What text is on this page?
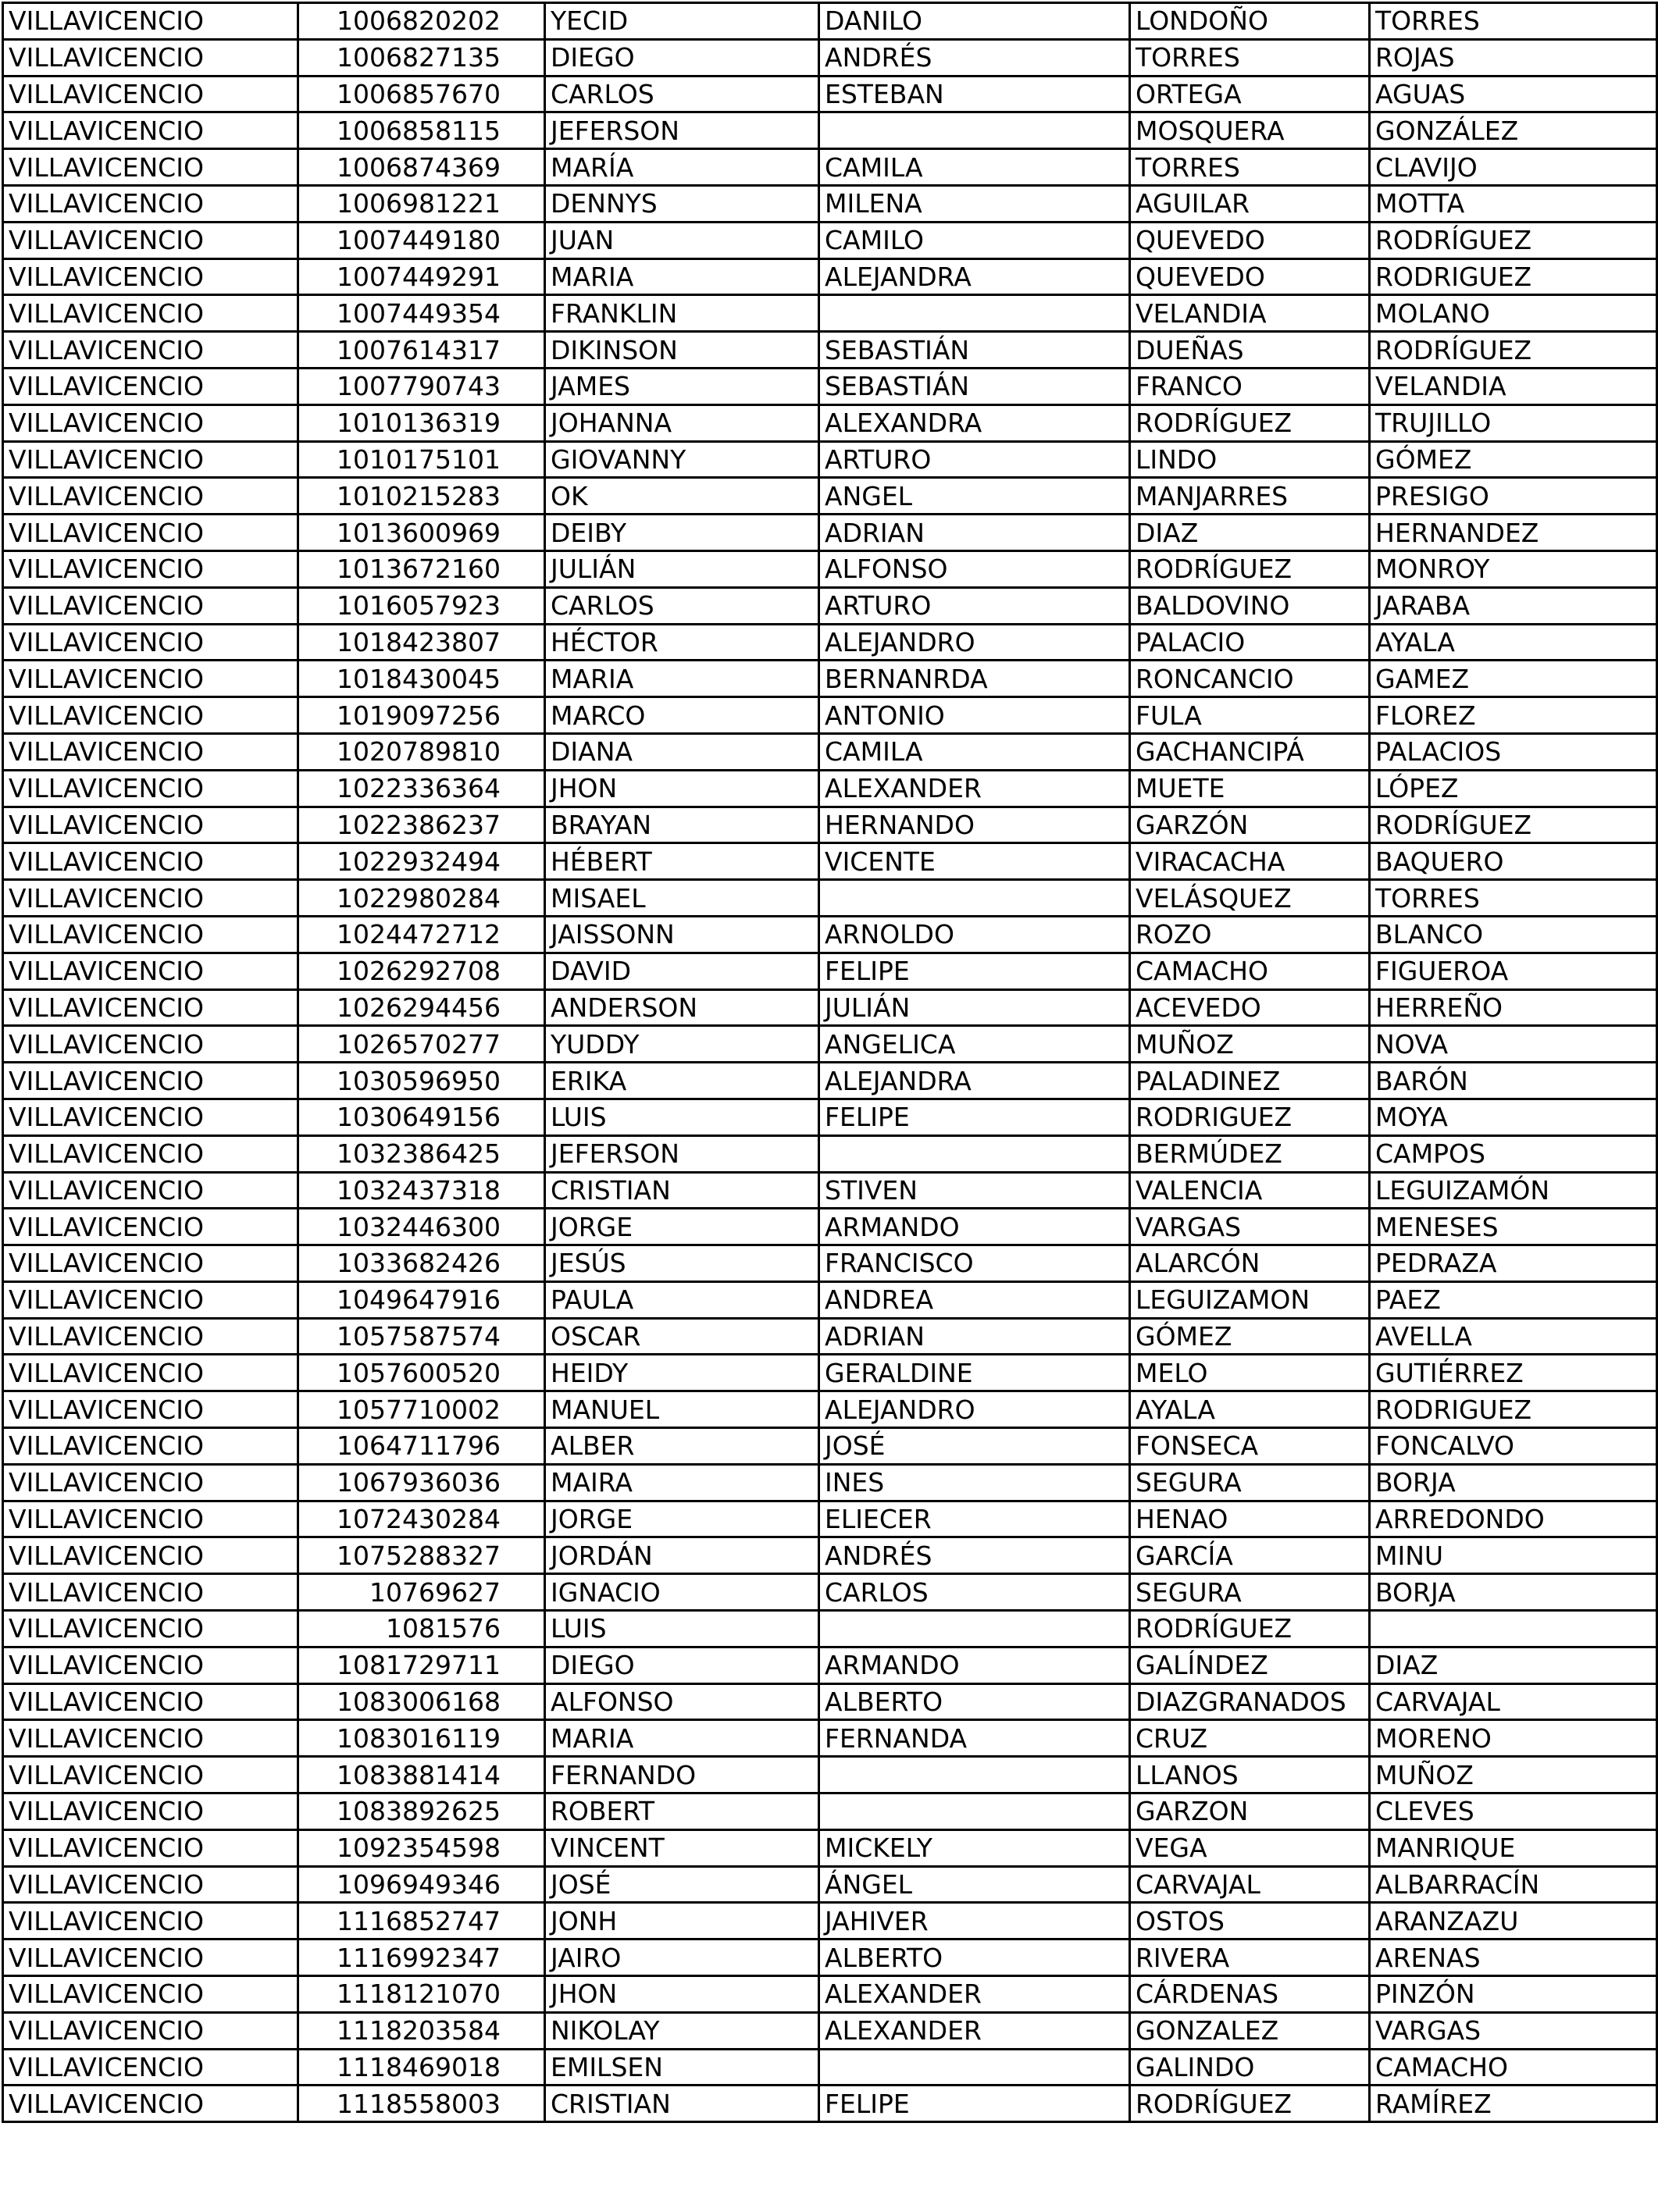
VILLAVICENCIO	1006820202	YECID	DANILO	LONDOÑO	TORRES
VILLAVICENCIO	1006827135	DIEGO	ANDRÉS	TORRES	ROJAS
VILLAVICENCIO	1006857670	CARLOS	ESTEBAN	ORTEGA	AGUAS
VILLAVICENCIO	1006858115	JEFERSON		MOSQUERA	GONZÁLEZ
VILLAVICENCIO	1006874369	MARÍA	CAMILA	TORRES	CLAVIJO
VILLAVICENCIO	1006981221	DENNYS	MILENA	AGUILAR	MOTTA
VILLAVICENCIO	1007449180	JUAN	CAMILO	QUEVEDO	RODRÍGUEZ
VILLAVICENCIO	1007449291	MARIA	ALEJANDRA	QUEVEDO	RODRIGUEZ
VILLAVICENCIO	1007449354	FRANKLIN		VELANDIA	MOLANO
VILLAVICENCIO	1007614317	DIKINSON	SEBASTIÁN	DUEÑAS	RODRÍGUEZ
VILLAVICENCIO	1007790743	JAMES	SEBASTIÁN	FRANCO	VELANDIA
VILLAVICENCIO	1010136319	JOHANNA	ALEXANDRA	RODRÍGUEZ	TRUJILLO
VILLAVICENCIO	1010175101	GIOVANNY	ARTURO	LINDO	GÓMEZ
VILLAVICENCIO	1010215283	OK	ANGEL	MANJARRES	PRESIGO
VILLAVICENCIO	1013600969	DEIBY	ADRIAN	DIAZ	HERNANDEZ
VILLAVICENCIO	1013672160	JULIÁN	ALFONSO	RODRÍGUEZ	MONROY
VILLAVICENCIO	1016057923	CARLOS	ARTURO	BALDOVINO	JARABA
VILLAVICENCIO	1018423807	HÉCTOR	ALEJANDRO	PALACIO	AYALA
VILLAVICENCIO	1018430045	MARIA	BERNANRDA	RONCANCIO	GAMEZ
VILLAVICENCIO	1019097256	MARCO	ANTONIO	FULA	FLOREZ
VILLAVICENCIO	1020789810	DIANA	CAMILA	GACHANCIPÁ	PALACIOS
VILLAVICENCIO	1022336364	JHON	ALEXANDER	MUETE	LÓPEZ
VILLAVICENCIO	1022386237	BRAYAN	HERNANDO	GARZÓN	RODRÍGUEZ
VILLAVICENCIO	1022932494	HÉBERT	VICENTE	VIRACACHA	BAQUERO
VILLAVICENCIO	1022980284	MISAEL		VELÁSQUEZ	TORRES
VILLAVICENCIO	1024472712	JAISSONN	ARNOLDO	ROZO	BLANCO
VILLAVICENCIO	1026292708	DAVID	FELIPE	CAMACHO	FIGUEROA
VILLAVICENCIO	1026294456	ANDERSON	JULIÁN	ACEVEDO	HERREÑO
VILLAVICENCIO	1026570277	YUDDY	ANGELICA	MUÑOZ	NOVA
VILLAVICENCIO	1030596950	ERIKA	ALEJANDRA	PALADINEZ	BARÓN
VILLAVICENCIO	1030649156	LUIS	FELIPE	RODRIGUEZ	MOYA
VILLAVICENCIO	1032386425	JEFERSON		BERMÚDEZ	CAMPOS
VILLAVICENCIO	1032437318	CRISTIAN	STIVEN	VALENCIA	LEGUIZAMÓN
VILLAVICENCIO	1032446300	JORGE	ARMANDO	VARGAS	MENESES
VILLAVICENCIO	1033682426	JESÚS	FRANCISCO	ALARCÓN	PEDRAZA
VILLAVICENCIO	1049647916	PAULA	ANDREA	LEGUIZAMON	PAEZ
VILLAVICENCIO	1057587574	OSCAR	ADRIAN	GÓMEZ	AVELLA
VILLAVICENCIO	1057600520	HEIDY	GERALDINE	MELO	GUTIÉRREZ
VILLAVICENCIO	1057710002	MANUEL	ALEJANDRO	AYALA	RODRIGUEZ
VILLAVICENCIO	1064711796	ALBER	JOSÉ	FONSECA	FONCALVO
VILLAVICENCIO	1067936036	MAIRA	INES	SEGURA	BORJA
VILLAVICENCIO	1072430284	JORGE	ELIECER	HENAO	ARREDONDO
VILLAVICENCIO	1075288327	JORDÁN	ANDRÉS	GARCÍA	MINU
VILLAVICENCIO	10769627	IGNACIO	CARLOS	SEGURA	BORJA
VILLAVICENCIO	1081576	LUIS		RODRÍGUEZ	
VILLAVICENCIO	1081729711	DIEGO	ARMANDO	GALÍNDEZ	DIAZ
VILLAVICENCIO	1083006168	ALFONSO	ALBERTO	DIAZGRANADOS	CARVAJAL
VILLAVICENCIO	1083016119	MARIA	FERNANDA	CRUZ	MORENO
VILLAVICENCIO	1083881414	FERNANDO		LLANOS	MUÑOZ
VILLAVICENCIO	1083892625	ROBERT		GARZON	CLEVES
VILLAVICENCIO	1092354598	VINCENT	MICKELY	VEGA	MANRIQUE
VILLAVICENCIO	1096949346	JOSÉ	ÁNGEL	CARVAJAL	ALBARRACÍN
VILLAVICENCIO	1116852747	JONH	JAHIVER	OSTOS	ARANZAZU
VILLAVICENCIO	1116992347	JAIRO	ALBERTO	RIVERA	ARENAS
VILLAVICENCIO	1118121070	JHON	ALEXANDER	CÁRDENAS	PINZÓN
VILLAVICENCIO	1118203584	NIKOLAY	ALEXANDER	GONZALEZ	VARGAS
VILLAVICENCIO	1118469018	EMILSEN		GALINDO	CAMACHO
VILLAVICENCIO	1118558003	CRISTIAN	FELIPE	RODRÍGUEZ	RAMÍREZ
